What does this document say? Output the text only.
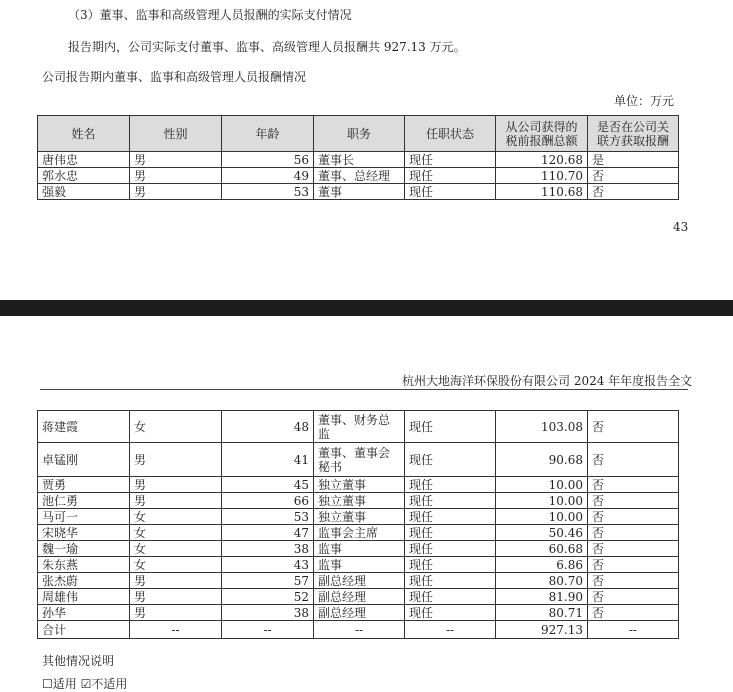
（3）董事、监事和高级管理人员报酬的实际支付情况
报告期内，公司实际支付董事、监事、高级管理人员报酬共 927.13 万元。
公司报告期内董事、监事和高级管理人员报酬情况
单位：万元
姓名	性别	年龄	职务	任职状态	从公司获得的税前报酬总额	是否在公司关联方获取报酬
唐伟忠	男	56	董事长	现任	120.68	是
郭水忠	男	49	董事、总经理	现任	110.70	否
强毅	男	53	董事	现任	110.68	否
43
杭州大地海洋环保股份有限公司 2024 年年度报告全文
蒋建霞	女	48	董事、财务总监	现任	103.08	否
卓锰刚	男	41	董事、董事会秘书	现任	90.68	否
贾勇	男	45	独立董事	现任	10.00	否
池仁勇	男	66	独立董事	现任	10.00	否
马可一	女	53	独立董事	现任	10.00	否
宋晓华	女	47	监事会主席	现任	50.46	否
魏一瑜	女	38	监事	现任	60.68	否
朱东燕	女	43	监事	现任	6.86	否
张杰蔚	男	57	副总经理	现任	80.70	否
周雄伟	男	52	副总经理	现任	81.90	否
孙华	男	38	副总经理	现任	80.71	否
合计	--	--	--	--	927.13	--
其他情况说明
☐适用 ☑不适用
